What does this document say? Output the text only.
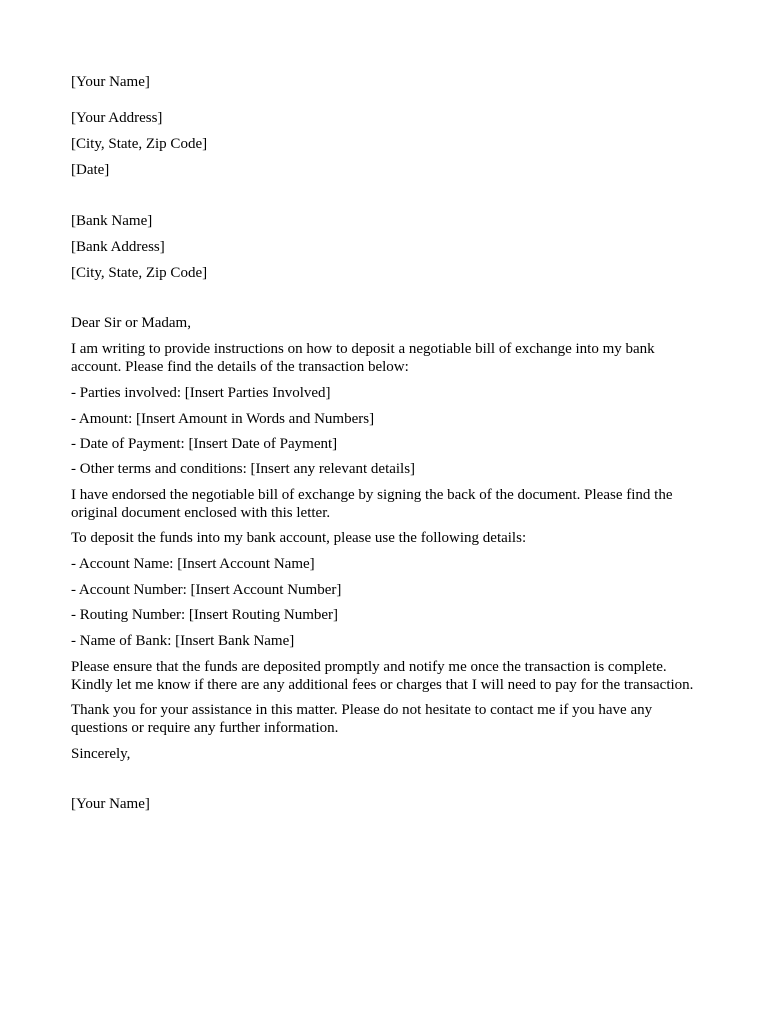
[Your Name]
[Your Address]
[City, State, Zip Code]
[Date]
[Bank Name]
[Bank Address]
[City, State, Zip Code]
Dear Sir or Madam,
I am writing to provide instructions on how to deposit a negotiable bill of exchange into my bank
account. Please find the details of the transaction below:
- Parties involved: [Insert Parties Involved]
- Amount: [Insert Amount in Words and Numbers]
- Date of Payment: [Insert Date of Payment]
- Other terms and conditions: [Insert any relevant details]
I have endorsed the negotiable bill of exchange by signing the back of the document. Please find the
original document enclosed with this letter.
To deposit the funds into my bank account, please use the following details:
- Account Name: [Insert Account Name]
- Account Number: [Insert Account Number]
- Routing Number: [Insert Routing Number]
- Name of Bank: [Insert Bank Name]
Please ensure that the funds are deposited promptly and notify me once the transaction is complete.
Kindly let me know if there are any additional fees or charges that I will need to pay for the transaction.
Thank you for your assistance in this matter. Please do not hesitate to contact me if you have any
questions or require any further information.
Sincerely,
[Your Name]
